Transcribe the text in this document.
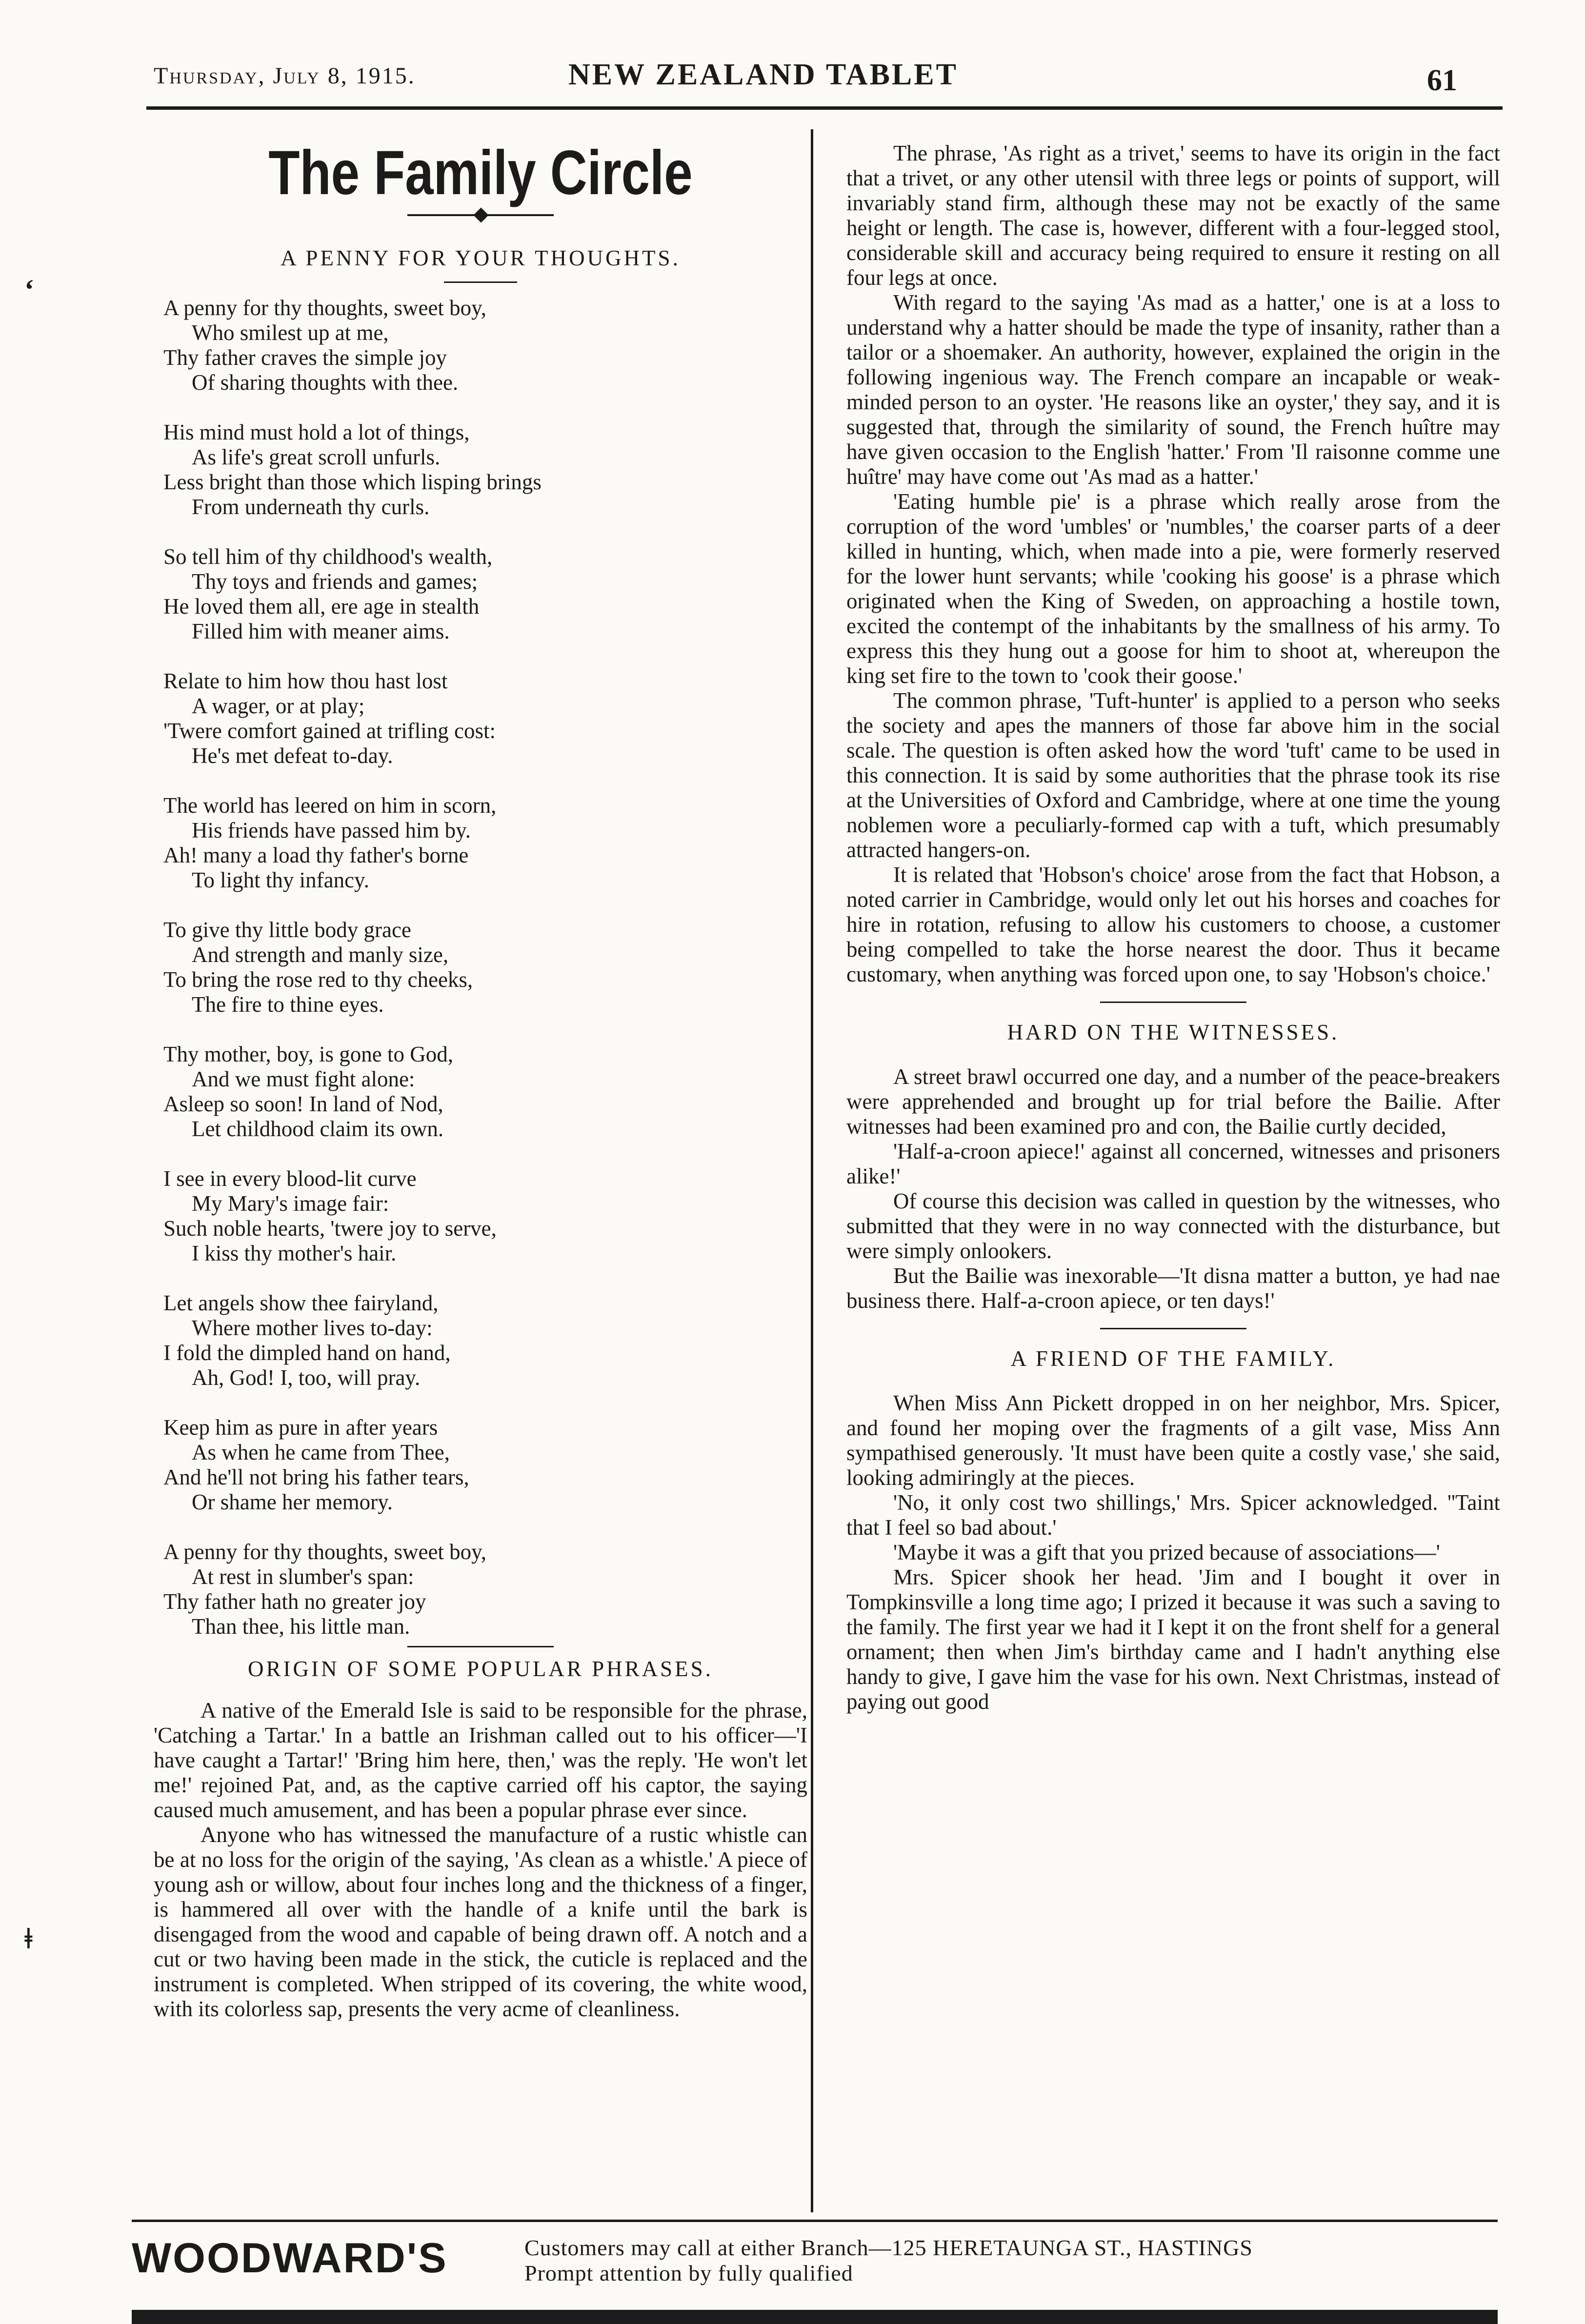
Thursday, July 8, 1915.	NEW ZEALAND TABLET	61
ʻ
ǂ
The Family Circle
A PENNY FOR YOUR THOUGHTS.
A penny for thy thoughts, sweet boy,
Who smilest up at me,
Thy father craves the simple joy
Of sharing thoughts with thee.
His mind must hold a lot of things,
As life's great scroll unfurls.
Less bright than those which lisping brings
From underneath thy curls.
So tell him of thy childhood's wealth,
Thy toys and friends and games;
He loved them all, ere age in stealth
Filled him with meaner aims.
Relate to him how thou hast lost
A wager, or at play;
'Twere comfort gained at trifling cost:
He's met defeat to-day.
The world has leered on him in scorn,
His friends have passed him by.
Ah! many a load thy father's borne
To light thy infancy.
To give thy little body grace
And strength and manly size,
To bring the rose red to thy cheeks,
The fire to thine eyes.
Thy mother, boy, is gone to God,
And we must fight alone:
Asleep so soon! In land of Nod,
Let childhood claim its own.
I see in every blood-lit curve
My Mary's image fair:
Such noble hearts, 'twere joy to serve,
I kiss thy mother's hair.
Let angels show thee fairyland,
Where mother lives to-day:
I fold the dimpled hand on hand,
Ah, God! I, too, will pray.
Keep him as pure in after years
As when he came from Thee,
And he'll not bring his father tears,
Or shame her memory.
A penny for thy thoughts, sweet boy,
At rest in slumber's span:
Thy father hath no greater joy
Than thee, his little man.
ORIGIN OF SOME POPULAR PHRASES.

A native of the Emerald Isle is said to be responsible for the phrase, 'Catching a Tartar.' In a battle an Irishman called out to his officer—'I have caught a Tartar!' 'Bring him here, then,' was the reply. 'He won't let me!' rejoined Pat, and, as the captive carried off his captor, the saying caused much amusement, and has been a popular phrase ever since.

Anyone who has witnessed the manufacture of a rustic whistle can be at no loss for the origin of the saying, 'As clean as a whistle.' A piece of young ash or willow, about four inches long and the thickness of a finger, is hammered all over with the handle of a knife until the bark is disengaged from the wood and capable of being drawn off. A notch and a cut or two having been made in the stick, the cuticle is replaced and the instrument is completed. When stripped of its covering, the white wood, with its colorless sap, presents the very acme of cleanliness.

The phrase, 'As right as a trivet,' seems to have its origin in the fact that a trivet, or any other utensil with three legs or points of support, will invariably stand firm, although these may not be exactly of the same height or length. The case is, however, different with a four-legged stool, considerable skill and accuracy being required to ensure it resting on all four legs at once.

With regard to the saying 'As mad as a hatter,' one is at a loss to understand why a hatter should be made the type of insanity, rather than a tailor or a shoemaker. An authority, however, explained the origin in the following ingenious way. The French compare an incapable or weak-minded person to an oyster. 'He reasons like an oyster,' they say, and it is suggested that, through the similarity of sound, the French huître may have given occasion to the English 'hatter.' From 'Il raisonne comme une huître' may have come out 'As mad as a hatter.'

'Eating humble pie' is a phrase which really arose from the corruption of the word 'umbles' or 'numbles,' the coarser parts of a deer killed in hunting, which, when made into a pie, were formerly reserved for the lower hunt servants; while 'cooking his goose' is a phrase which originated when the King of Sweden, on approaching a hostile town, excited the contempt of the inhabitants by the smallness of his army. To express this they hung out a goose for him to shoot at, whereupon the king set fire to the town to 'cook their goose.'

The common phrase, 'Tuft-hunter' is applied to a person who seeks the society and apes the manners of those far above him in the social scale. The question is often asked how the word 'tuft' came to be used in this connection. It is said by some authorities that the phrase took its rise at the Universities of Oxford and Cambridge, where at one time the young noblemen wore a peculiarly-formed cap with a tuft, which presumably attracted hangers-on.

It is related that 'Hobson's choice' arose from the fact that Hobson, a noted carrier in Cambridge, would only let out his horses and coaches for hire in rotation, refusing to allow his customers to choose, a customer being compelled to take the horse nearest the door. Thus it became customary, when anything was forced upon one, to say 'Hobson's choice.'

HARD ON THE WITNESSES.

A street brawl occurred one day, and a number of the peace-breakers were apprehended and brought up for trial before the Bailie. After witnesses had been examined pro and con, the Bailie curtly decided,

'Half-a-croon apiece!' against all concerned, witnesses and prisoners alike!'

Of course this decision was called in question by the witnesses, who submitted that they were in no way connected with the disturbance, but were simply onlookers.

But the Bailie was inexorable—'It disna matter a button, ye had nae business there. Half-a-croon apiece, or ten days!'

A FRIEND OF THE FAMILY.

When Miss Ann Pickett dropped in on her neighbor, Mrs. Spicer, and found her moping over the fragments of a gilt vase, Miss Ann sympathised generously. 'It must have been quite a costly vase,' she said, looking admiringly at the pieces.

'No, it only cost two shillings,' Mrs. Spicer acknowledged. ''Taint that I feel so bad about.'

'Maybe it was a gift that you prized because of associations—'

Mrs. Spicer shook her head. 'Jim and I bought it over in Tompkinsville a long time ago; I prized it because it was such a saving to the family. The first year we had it I kept it on the front shelf for a general ornament; then when Jim's birthday came and I hadn't anything else handy to give, I gave him the vase for his own. Next Christmas, instead of paying out good

WOODWARD'S	Customers may call at either Branch—125 HERETAUNGA ST., HASTINGS
Prompt attention by fully qualified
